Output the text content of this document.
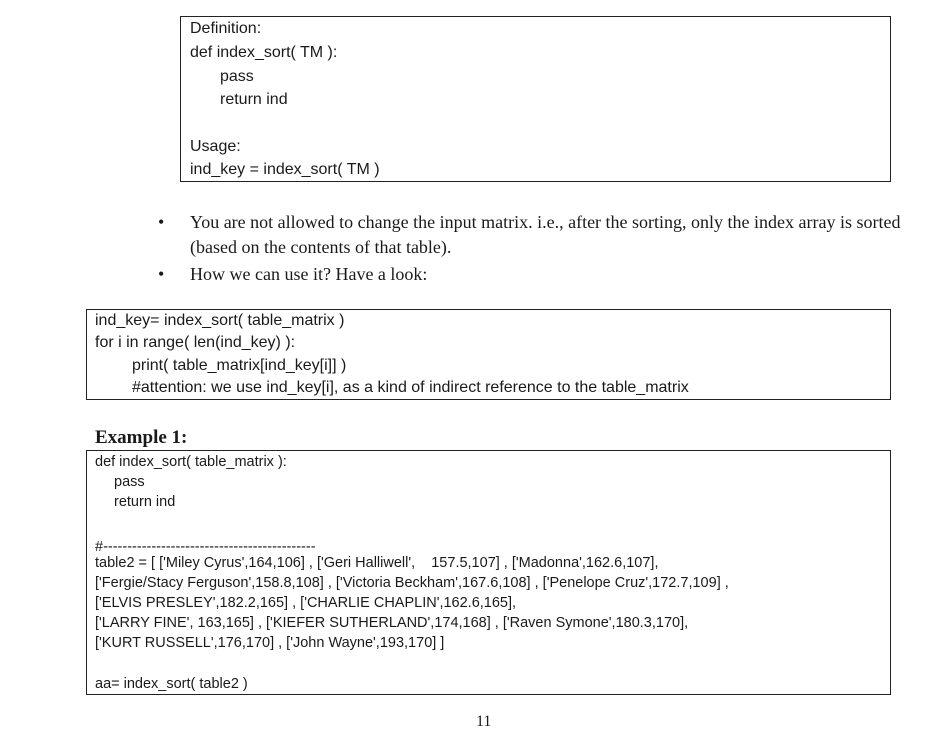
Definition:
def index_sort( TM ):
pass
return ind
Usage:
ind_key = index_sort( TM )
• You are not allowed to change the input matrix. i.e., after the sorting, only the index array is sorted (based on the contents of that table).
• How we can use it? Have a look:
ind_key= index_sort( table_matrix )
for i in range( len(ind_key) ):
print( table_matrix[ind_key[i]] )
#attention: we use ind_key[i], as a kind of indirect reference to the table_matrix
Example 1:
def index_sort( table_matrix ):
pass
return ind
#--------------------------------------------
table2 = [ ['Miley Cyrus',164,106] , ['Geri Halliwell',    157.5,107] , ['Madonna',162.6,107],
['Fergie/Stacy Ferguson',158.8,108] , ['Victoria Beckham',167.6,108] , ['Penelope Cruz',172.7,109] ,
['ELVIS PRESLEY',182.2,165] , ['CHARLIE CHAPLIN',162.6,165],
['LARRY FINE', 163,165] , ['KIEFER SUTHERLAND',174,168] , ['Raven Symone',180.3,170],
['KURT RUSSELL',176,170] , ['John Wayne',193,170] ]
aa= index_sort( table2 )
11
